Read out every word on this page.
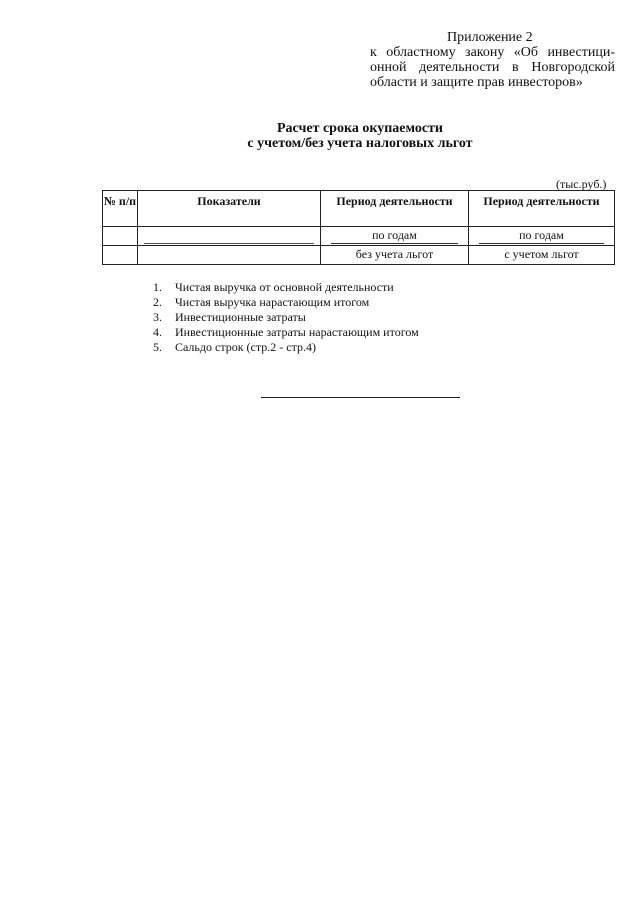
Приложение 2
к областному закону «Об инвестици-
онной деятельности в Новгородской
области и защите прав инвесторов»
Расчет срока окупаемости
с учетом/без учета налоговых льгот
(тыс.руб.)
№ п/п	Показатели	Период деятельности	Период деятельности

		по годам	по годам

		без учета льгот	с учетом льгот
1. Чистая выручка от основной деятельности
2. Чистая выручка нарастающим итогом
3. Инвестиционные затраты
4. Инвестиционные затраты нарастающим итогом
5. Сальдо строк (стр.2 - стр.4)
